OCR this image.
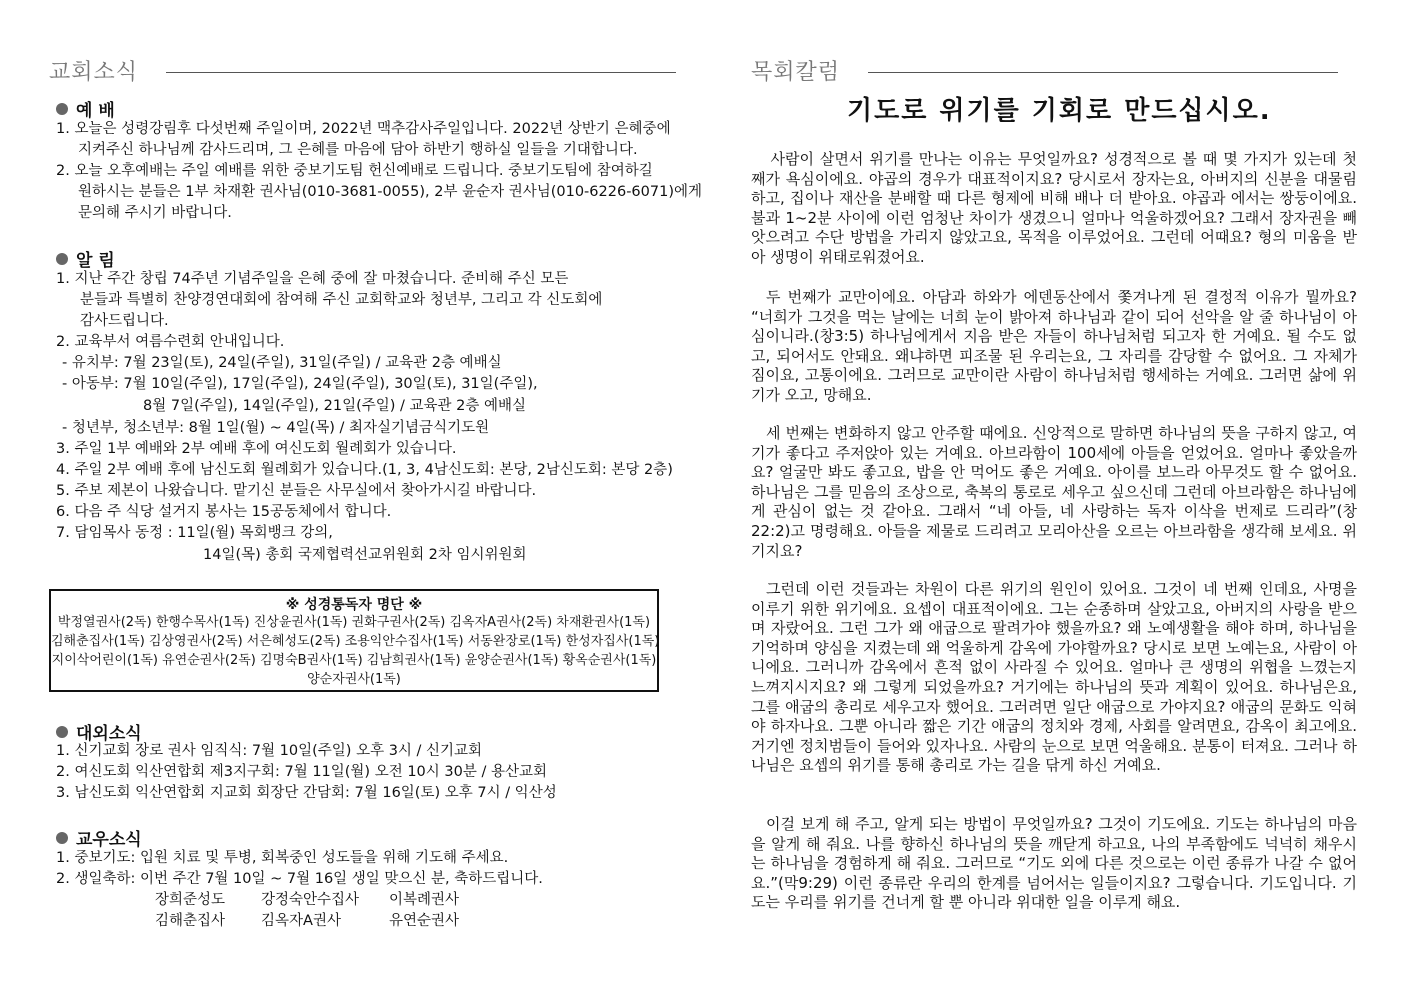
교회소식
예 배
1. 오늘은 성령강림후 다섯번째 주일이며, 2022년 맥추감사주일입니다. 2022년 상반기 은혜중에
지켜주신 하나님께 감사드리며, 그 은혜를 마음에 담아 하반기 행하실 일들을 기대합니다.
2. 오늘 오후예배는 주일 예배를 위한 중보기도팀 헌신예배로 드립니다. 중보기도팀에 참여하길
원하시는 분들은 1부 차재환 권사님(010-3681-0055), 2부 윤순자 권사님(010-6226-6071)에게
문의해 주시기 바랍니다.
알 림
1. 지난 주간 창립 74주년 기념주일을 은혜 중에 잘 마쳤습니다. 준비해 주신 모든
분들과 특별히 찬양경연대회에 참여해 주신 교회학교와 청년부, 그리고 각 신도회에
감사드립니다.
2. 교육부서 여름수련회 안내입니다.
- 유치부: 7월 23일(토), 24일(주일), 31일(주일) / 교육관 2층 예배실
- 아동부: 7월 10일(주일), 17일(주일), 24일(주일), 30일(토), 31일(주일),
8월 7일(주일), 14일(주일), 21일(주일) / 교육관 2층 예배실
- 청년부, 청소년부: 8월 1일(월) ~ 4일(목) / 최자실기념금식기도원
3. 주일 1부 예배와 2부 예배 후에 여신도회 월례회가 있습니다.
4. 주일 2부 예배 후에 남신도회 월례회가 있습니다.(1, 3, 4남신도회: 본당, 2남신도회: 본당 2층)
5. 주보 제본이 나왔습니다. 맡기신 분들은 사무실에서 찾아가시길 바랍니다.
6. 다음 주 식당 설거지 봉사는 15공동체에서 합니다.
7. 담임목사 동정 : 11일(월) 목회뱅크 강의,
14일(목) 총회 국제협력선교위원회 2차 임시위원회
※ 성경통독자 명단 ※
박정열권사(2독) 한행수목사(1독) 진상윤권사(1독) 권화구권사(2독) 김옥자A권사(2독) 차재환권사(1독)
김해춘집사(1독) 김상영권사(2독) 서은혜성도(2독) 조용익안수집사(1독) 서동완장로(1독) 한성자집사(1독)
지이삭어린이(1독) 유연순권사(2독) 김명숙B권사(1독) 김남희권사(1독) 윤양순권사(1독) 황옥순권사(1독)
양순자권사(1독)
대외소식
1. 신기교회 장로 권사 임직식: 7월 10일(주일) 오후 3시 / 신기교회
2. 여신도회 익산연합회 제3지구회: 7월 11일(월) 오전 10시 30분 / 용산교회
3. 남신도회 익산연합회 지교회 회장단 간담회: 7월 16일(토) 오후 7시 / 익산성
교우소식
1. 중보기도: 입원 치료 및 투병, 회복중인 성도들을 위해 기도해 주세요.
2. 생일축하: 이번 주간 7월 10일 ~ 7월 16일 생일 맞으신 분, 축하드립니다.
장희준성도 강정숙안수집사 이복례권사
김해춘집사 김옥자A권사	유연순권사
목회칼럼
기도로 위기를 기회로 만드십시오.

사람이 살면서 위기를 만나는 이유는 무엇일까요? 성경적으로 볼 때 몇 가지가 있는데 첫째가 욕심이에요. 야곱의 경우가 대표적이지요? 당시로서 장자는요, 아버지의 신분을 대물림하고, 집이나 재산을 분배할 때 다른 형제에 비해 배나 더 받아요. 야곱과 에서는 쌍둥이에요. 불과 1~2분 사이에 이런 엄청난 차이가 생겼으니 얼마나 억울하겠어요? 그래서 장자권을 빼앗으려고 수단 방법을 가리지 않았고요, 목적을 이루었어요. 그런데 어때요? 형의 미움을 받아 생명이 위태로워졌어요.

두 번째가 교만이에요. 아담과 하와가 에덴동산에서 쫓겨나게 된 결정적 이유가 뭘까요? “너희가 그것을 먹는 날에는 너희 눈이 밝아져 하나님과 같이 되어 선악을 알 줄 하나님이 아심이니라.(창3:5) 하나님에게서 지음 받은 자들이 하나님처럼 되고자 한 거예요. 될 수도 없고, 되어서도 안돼요. 왜냐하면 피조물 된 우리는요, 그 자리를 감당할 수 없어요. 그 자체가 짐이요, 고통이에요. 그러므로 교만이란 사람이 하나님처럼 행세하는 거예요. 그러면 삶에 위기가 오고, 망해요.

세 번째는 변화하지 않고 안주할 때에요. 신앙적으로 말하면 하나님의 뜻을 구하지 않고, 여기가 좋다고 주저앉아 있는 거예요. 아브라함이 100세에 아들을 얻었어요. 얼마나 좋았을까요? 얼굴만 봐도 좋고요, 밥을 안 먹어도 좋은 거예요. 아이를 보느라 아무것도 할 수 없어요. 하나님은 그를 믿음의 조상으로, 축복의 통로로 세우고 싶으신데 그런데 아브라함은 하나님에게 관심이 없는 것 같아요. 그래서 “네 아들, 네 사랑하는 독자 이삭을 번제로 드리라”(창22:2)고 명령해요. 아들을 제물로 드리려고 모리아산을 오르는 아브라함을 생각해 보세요. 위기지요?

그런데 이런 것들과는 차원이 다른 위기의 원인이 있어요. 그것이 네 번째 인데요, 사명을 이루기 위한 위기에요. 요셉이 대표적이에요. 그는 순종하며 살았고요, 아버지의 사랑을 받으며 자랐어요. 그런 그가 왜 애굽으로 팔려가야 했을까요? 왜 노예생활을 해야 하며, 하나님을 기억하며 양심을 지켰는데 왜 억울하게 감옥에 가야할까요? 당시로 보면 노예는요, 사람이 아니에요. 그러니까 감옥에서 흔적 없이 사라질 수 있어요. 얼마나 큰 생명의 위협을 느꼈는지 느껴지시지요? 왜 그렇게 되었을까요? 거기에는 하나님의 뜻과 계획이 있어요. 하나님은요, 그를 애굽의 총리로 세우고자 했어요. 그러려면 일단 애굽으로 가야지요? 애굽의 문화도 익혀야 하자나요. 그뿐 아니라 짧은 기간 애굽의 정치와 경제, 사회를 알려면요, 감옥이 최고에요. 거기엔 정치범들이 들어와 있자나요. 사람의 눈으로 보면 억울해요. 분통이 터져요. 그러나 하나님은 요셉의 위기를 통해 총리로 가는 길을 닦게 하신 거예요.

이걸 보게 해 주고, 알게 되는 방법이 무엇일까요? 그것이 기도에요. 기도는 하나님의 마음을 알게 해 줘요. 나를 향하신 하나님의 뜻을 깨닫게 하고요, 나의 부족함에도 넉넉히 채우시는 하나님을 경험하게 해 줘요. 그러므로 “기도 외에 다른 것으로는 이런 종류가 나갈 수 없어요.”(막9:29) 이런 종류란 우리의 한계를 넘어서는 일들이지요? 그렇습니다. 기도입니다. 기도는 우리를 위기를 건너게 할 뿐 아니라 위대한 일을 이루게 해요.
